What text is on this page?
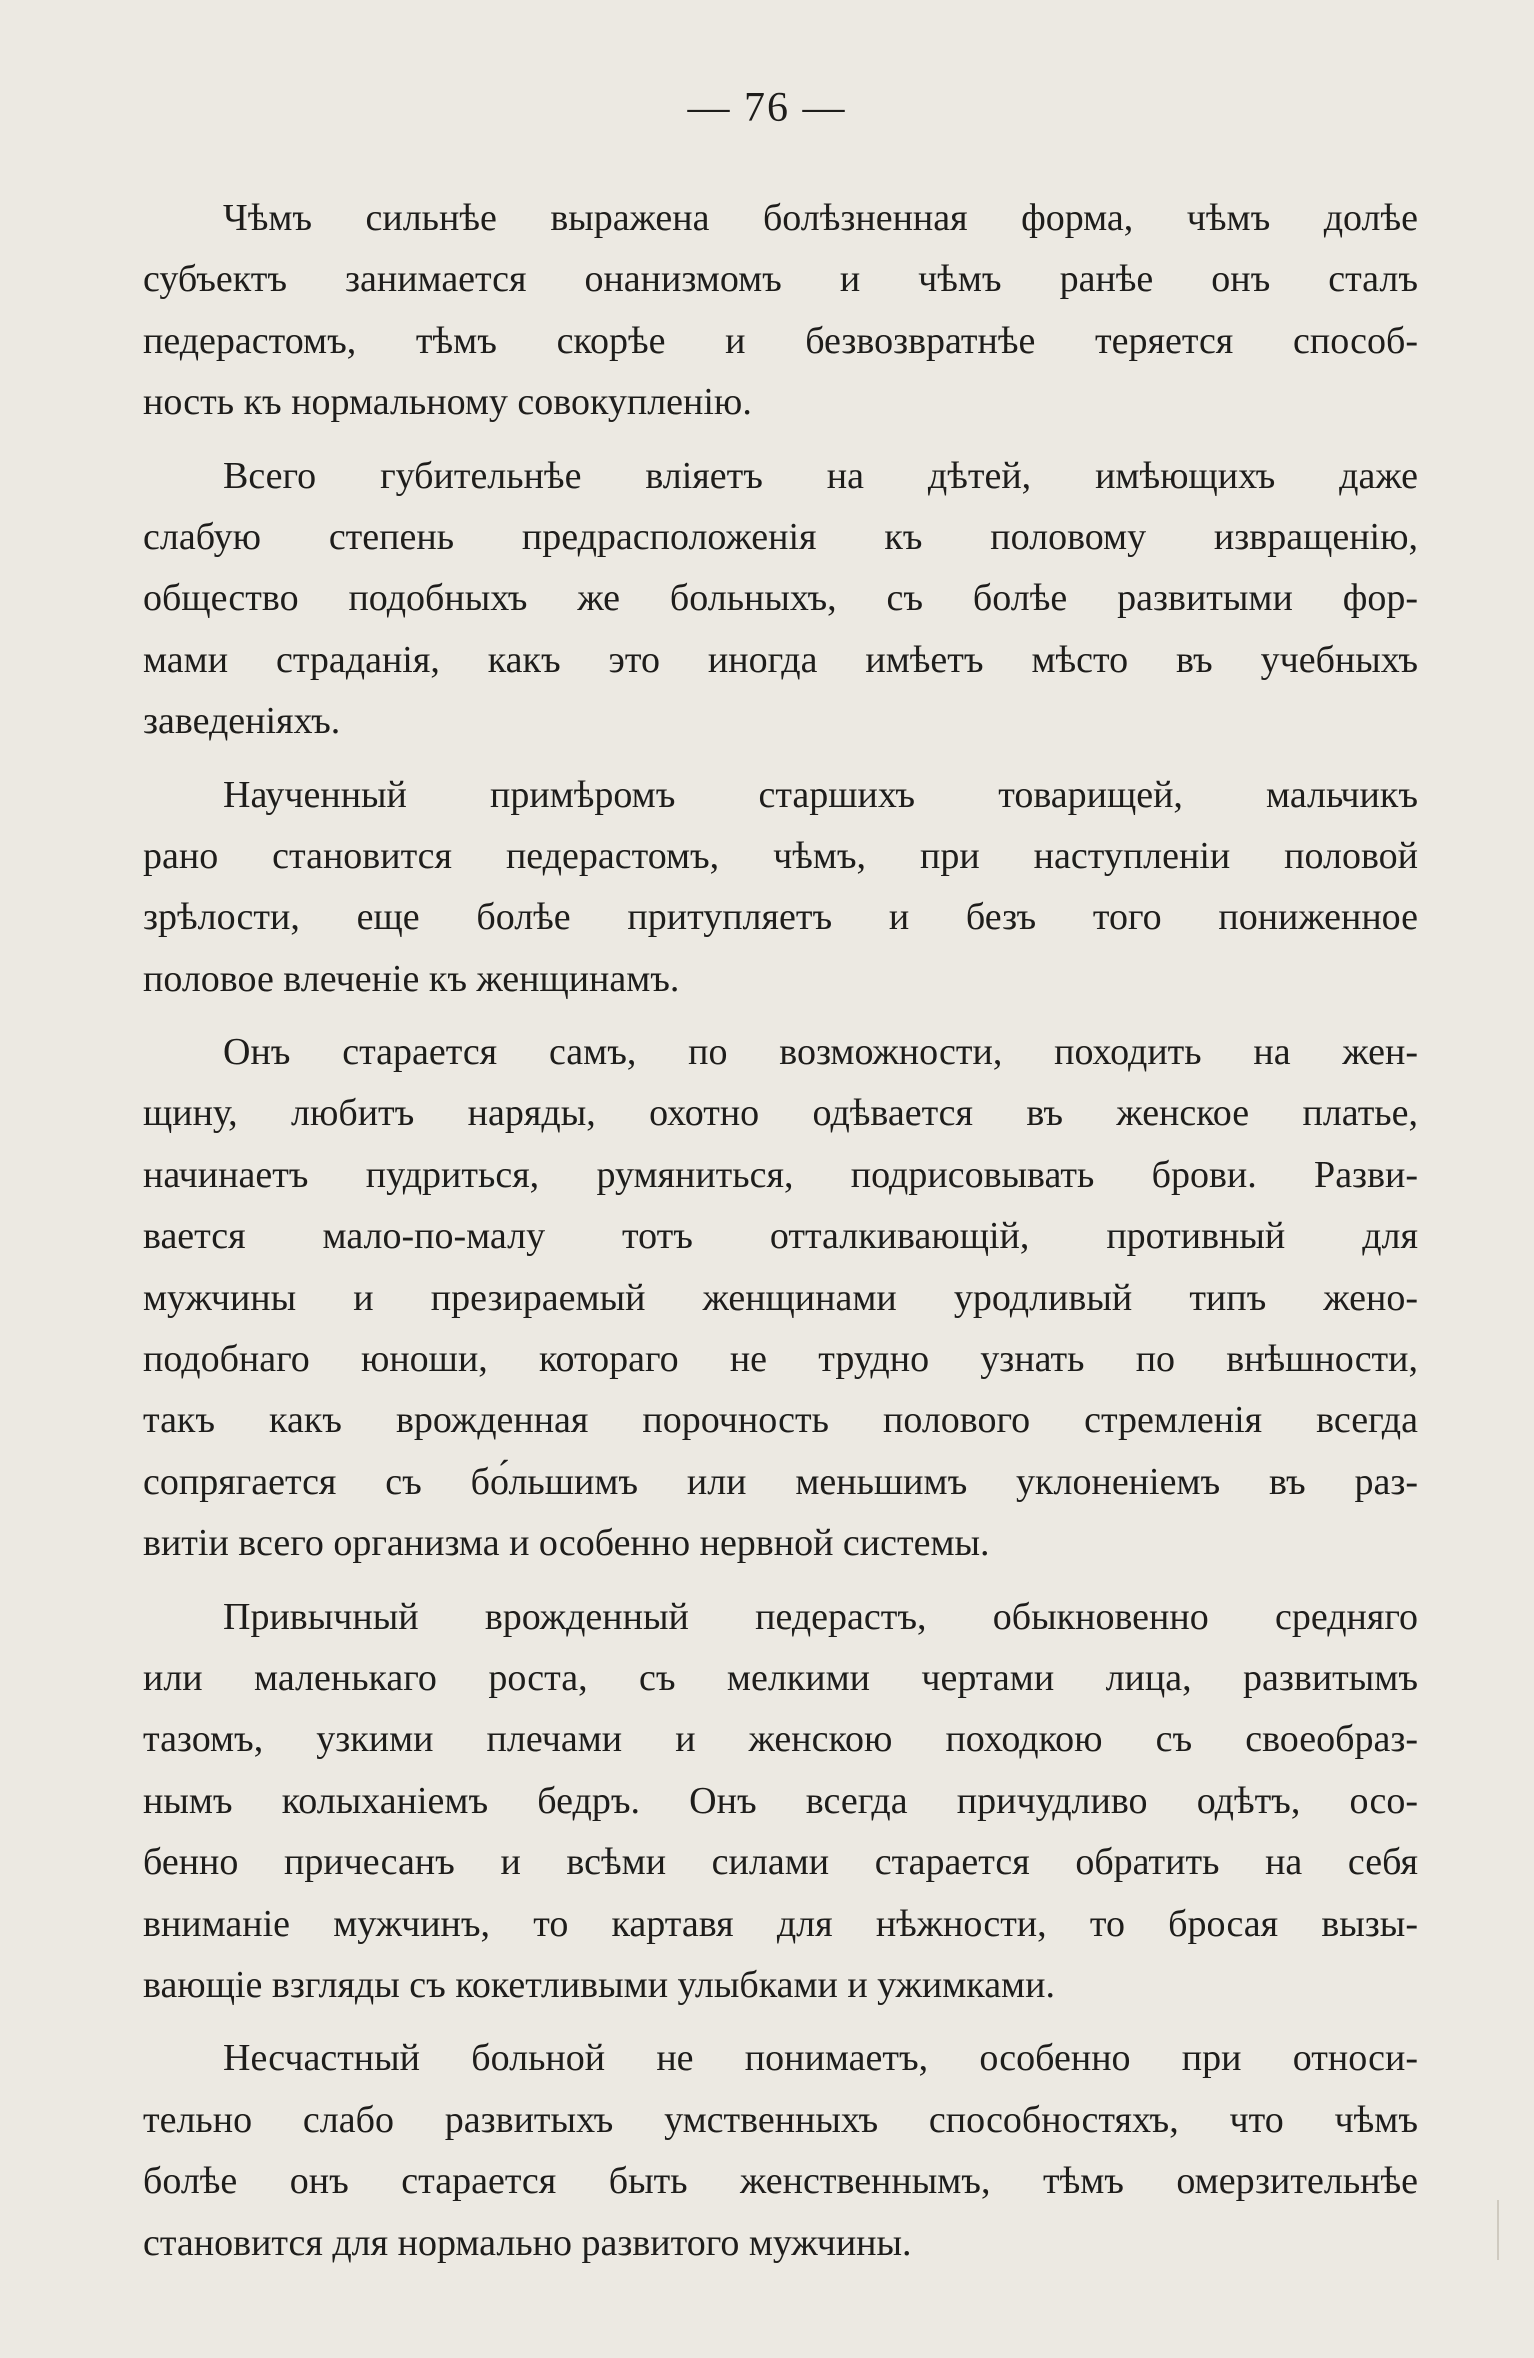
— 76 —
Чѣмъ сильнѣе выражена болѣзненная форма, чѣмъ долѣе
субъектъ занимается онанизмомъ и чѣмъ ранѣе онъ сталъ
педерастомъ, тѣмъ скорѣе и безвозвратнѣе теряется способ-
ность къ нормальному совокупленію.
Всего губительнѣе вліяетъ на дѣтей, имѣющихъ даже
слабую степень предрасположенія къ половому извращенію,
общество подобныхъ же больныхъ, съ болѣе развитыми фор-
мами страданія, какъ это иногда имѣетъ мѣсто въ учебныхъ
заведеніяхъ.
Наученный примѣромъ старшихъ товарищей, мальчикъ
рано становится педерастомъ, чѣмъ, при наступленіи половой
зрѣлости, еще болѣе притупляетъ и безъ того пониженное
половое влеченіе къ женщинамъ.
Онъ старается самъ, по возможности, походить на жен-
щину, любитъ наряды, охотно одѣвается въ женское платье,
начинаетъ пудриться, румяниться, подрисовывать брови. Разви-
вается мало-по-малу тотъ отталкивающій, противный для
мужчины и презираемый женщинами уродливый типъ жено-
подобнаго юноши, котораго не трудно узнать по внѣшности,
такъ какъ врожденная порочность полового стремленія всегда
сопрягается съ бо́льшимъ или меньшимъ уклоненіемъ въ раз-
витіи всего организма и особенно нервной системы.
Привычный врожденный педерастъ, обыкновенно средняго
или маленькаго роста, съ мелкими чертами лица, развитымъ
тазомъ, узкими плечами и женскою походкою съ своеобраз-
нымъ колыханіемъ бедръ. Онъ всегда причудливо одѣтъ, осо-
бенно причесанъ и всѣми силами старается обратить на себя
вниманіе мужчинъ, то картавя для нѣжности, то бросая вызы-
вающіе взгляды съ кокетливыми улыбками и ужимками.
Несчастный больной не понимаетъ, особенно при относи-
тельно слабо развитыхъ умственныхъ способностяхъ, что чѣмъ
болѣе онъ старается быть женственнымъ, тѣмъ омерзительнѣе
становится для нормально развитого мужчины.
